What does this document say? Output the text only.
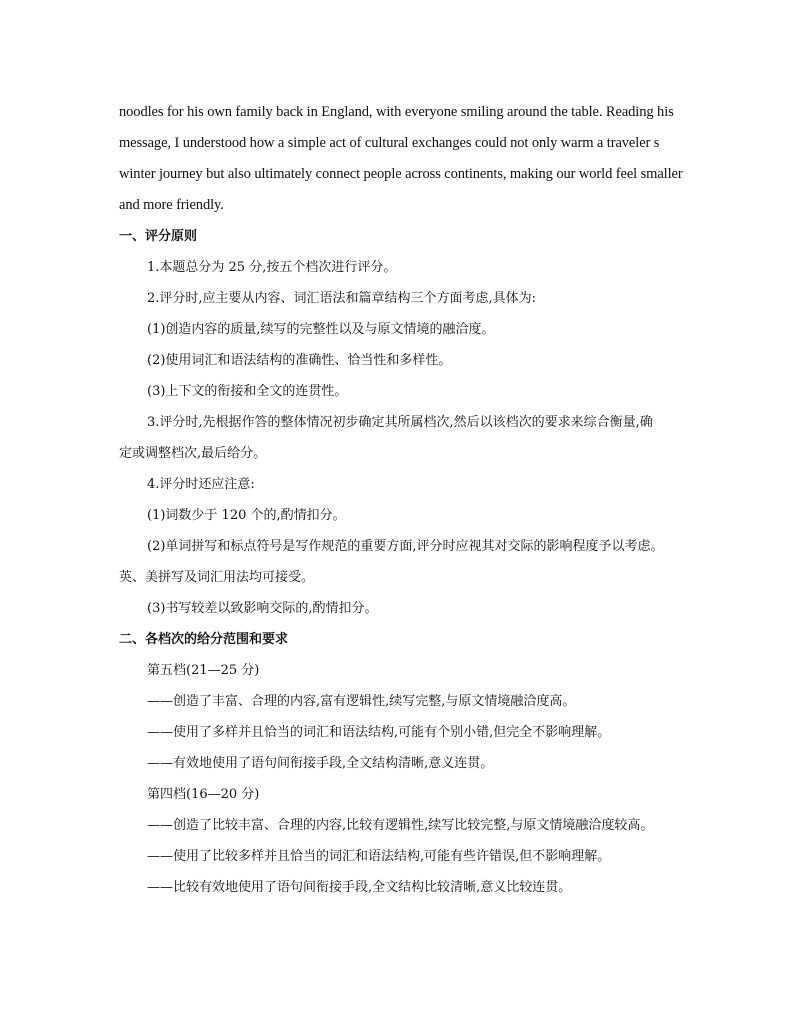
noodles for his own family back in England, with everyone smiling around the table. Reading his
message, I understood how a simple act of cultural exchanges could not only warm a traveler s
winter journey but also ultimately connect people across continents, making our world feel smaller
and more friendly.
一、评分原则
1.本题总分为 25 分,按五个档次进行评分。
2.评分时,应主要从内容、词汇语法和篇章结构三个方面考虑,具体为:
(1)创造内容的质量,续写的完整性以及与原文情境的融洽度。
(2)使用词汇和语法结构的准确性、恰当性和多样性。
(3)上下文的衔接和全文的连贯性。
3.评分时,先根据作答的整体情况初步确定其所属档次,然后以该档次的要求来综合衡量,确
定或调整档次,最后给分。
4.评分时还应注意:
(1)词数少于 120 个的,酌情扣分。
(2)单词拼写和标点符号是写作规范的重要方面,评分时应视其对交际的影响程度予以考虑。
英、美拼写及词汇用法均可接受。
(3)书写较差以致影响交际的,酌情扣分。
二、各档次的给分范围和要求
第五档(21—25 分)
——创造了丰富、合理的内容,富有逻辑性,续写完整,与原文情境融洽度高。
——使用了多样并且恰当的词汇和语法结构,可能有个别小错,但完全不影响理解。
——有效地使用了语句间衔接手段,全文结构清晰,意义连贯。
第四档(16—20 分)
——创造了比较丰富、合理的内容,比较有逻辑性,续写比较完整,与原文情境融洽度较高。
——使用了比较多样并且恰当的词汇和语法结构,可能有些许错误,但不影响理解。
——比较有效地使用了语句间衔接手段,全文结构比较清晰,意义比较连贯。
